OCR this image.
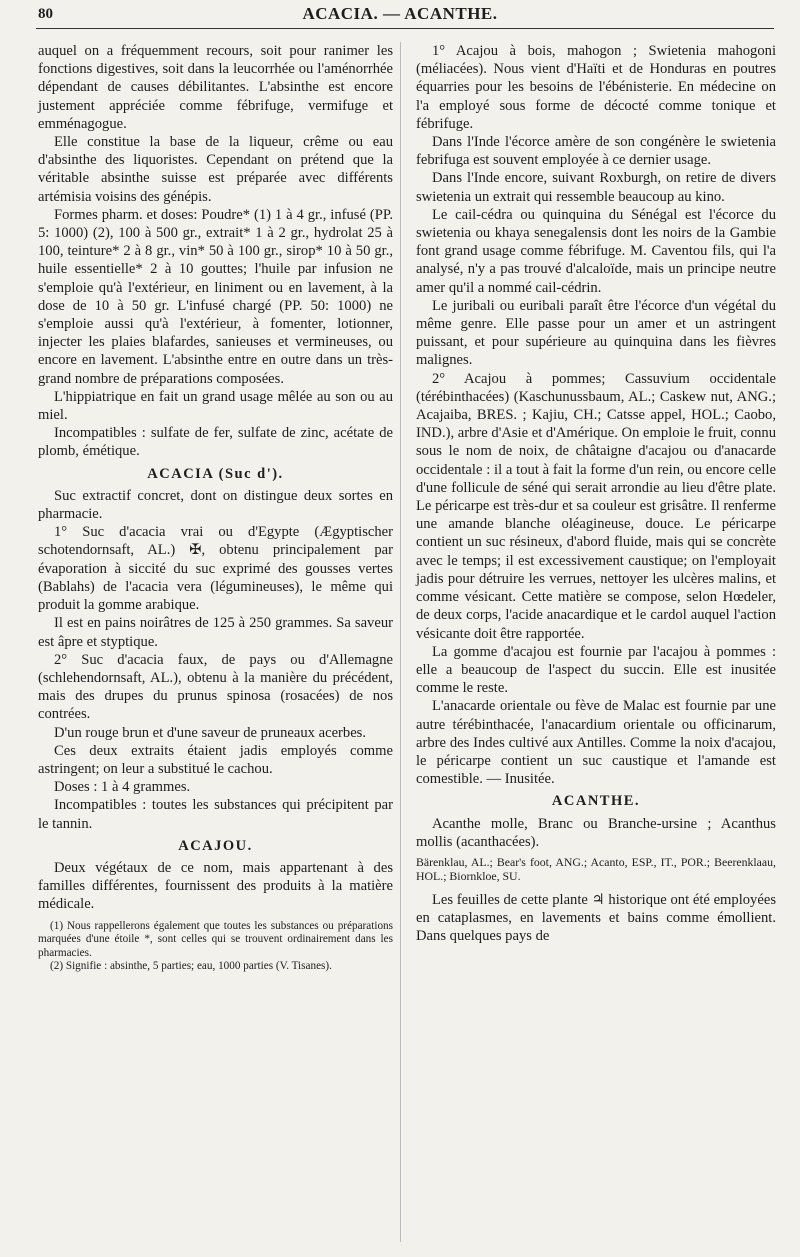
80	ACACIA. — ACANTHE.

auquel on a fréquemment recours, soit pour ranimer les fonctions digestives, soit dans la leucorrhée ou l'aménorrhée dépendant de causes débilitantes. L'absinthe est encore justement appréciée comme fébrifuge, vermifuge et emménagogue.

Elle constitue la base de la liqueur, crême ou eau d'absinthe des liquoristes. Cependant on prétend que la véritable absinthe suisse est préparée avec différents artémisia voisins des génépis.

Formes pharm. et doses: Poudre* (1) 1 à 4 gr., infusé (PP. 5: 1000) (2), 100 à 500 gr., extrait* 1 à 2 gr., hydrolat 25 à 100, teinture* 2 à 8 gr., vin* 50 à 100 gr., sirop* 10 à 50 gr., huile essentielle* 2 à 10 gouttes; l'huile par infusion ne s'emploie qu'à l'extérieur, en liniment ou en lavement, à la dose de 10 à 50 gr. L'infusé chargé (PP. 50: 1000) ne s'emploie aussi qu'à l'extérieur, à fomenter, lotionner, injecter les plaies blafardes, sanieuses et vermineuses, ou encore en lavement. L'absinthe entre en outre dans un très-grand nombre de préparations composées.

L'hippiatrique en fait un grand usage mêlée au son ou au miel.

Incompatibles : sulfate de fer, sulfate de zinc, acétate de plomb, émétique.

ACACIA (Suc d').

Suc extractif concret, dont on distingue deux sortes en pharmacie.

1° Suc d'acacia vrai ou d'Egypte (Ægyptischer schotendornsaft, AL.) ✠, obtenu principalement par évaporation à siccité du suc exprimé des gousses vertes (Bablahs) de l'acacia vera (légumineuses), le même qui produit la gomme arabique.

Il est en pains noirâtres de 125 à 250 grammes. Sa saveur est âpre et styptique.

2° Suc d'acacia faux, de pays ou d'Allemagne (schlehendornsaft, AL.), obtenu à la manière du précédent, mais des drupes du prunus spinosa (rosacées) de nos contrées.

D'un rouge brun et d'une saveur de pruneaux acerbes.

Ces deux extraits étaient jadis employés comme astringent; on leur a substitué le cachou.

Doses : 1 à 4 grammes.

Incompatibles : toutes les substances qui précipitent par le tannin.

ACAJOU.

Deux végétaux de ce nom, mais appartenant à des familles différentes, fournissent des produits à la matière médicale.

(1) Nous rappellerons également que toutes les substances ou préparations marquées d'une étoile *, sont celles qui se trouvent ordinairement dans les pharmacies.

(2) Signifie : absinthe, 5 parties; eau, 1000 parties (V. Tisanes).

1° Acajou à bois, mahogon ; Swietenia mahogoni (méliacées). Nous vient d'Haïti et de Honduras en poutres équarries pour les besoins de l'ébénisterie. En médecine on l'a employé sous forme de décocté comme tonique et fébrifuge.

Dans l'Inde l'écorce amère de son congénère le swietenia febrifuga est souvent employée à ce dernier usage.

Dans l'Inde encore, suivant Roxburgh, on retire de divers swietenia un extrait qui ressemble beaucoup au kino.

Le cail-cédra ou quinquina du Sénégal est l'écorce du swietenia ou khaya senegalensis dont les noirs de la Gambie font grand usage comme fébrifuge. M. Caventou fils, qui l'a analysé, n'y a pas trouvé d'alcaloïde, mais un principe neutre amer qu'il a nommé cail-cédrin.

Le juribali ou euribali paraît être l'écorce d'un végétal du même genre. Elle passe pour un amer et un astringent puissant, et pour supérieure au quinquina dans les fièvres malignes.

2° Acajou à pommes; Cassuvium occidentale (térébinthacées) (Kaschunussbaum, AL.; Caskew nut, ANG.; Acajaiba, BRES. ; Kajiu, CH.; Catsse appel, HOL.; Caobo, IND.), arbre d'Asie et d'Amérique. On emploie le fruit, connu sous le nom de noix, de châtaigne d'acajou ou d'anacarde occidentale : il a tout à fait la forme d'un rein, ou encore celle d'une follicule de séné qui serait arrondie au lieu d'être plate. Le péricarpe est très-dur et sa couleur est grisâtre. Il renferme une amande blanche oléagineuse, douce. Le péricarpe contient un suc résineux, d'abord fluide, mais qui se concrète avec le temps; il est excessivement caustique; on l'employait jadis pour détruire les verrues, nettoyer les ulcères malins, et comme vésicant. Cette matière se compose, selon Hœdeler, de deux corps, l'acide anacardique et le cardol auquel l'action vésicante doit être rapportée.

La gomme d'acajou est fournie par l'acajou à pommes : elle a beaucoup de l'aspect du succin. Elle est inusitée comme le reste.

L'anacarde orientale ou fève de Malac est fournie par une autre térébinthacée, l'anacardium orientale ou officinarum, arbre des Indes cultivé aux Antilles. Comme la noix d'acajou, le péricarpe contient un suc caustique et l'amande est comestible. — Inusitée.

ACANTHE.

Acanthe molle, Branc ou Branche-ursine ; Acanthus mollis (acanthacées).

Bärenklau, AL.; Bear's foot, ANG.; Acanto, ESP., IT., POR.; Beerenklaau, HOL.; Biornkloe, SU.

Les feuilles de cette plante ♃ historique ont été employées en cataplasmes, en lavements et bains comme émollient. Dans quelques pays de
